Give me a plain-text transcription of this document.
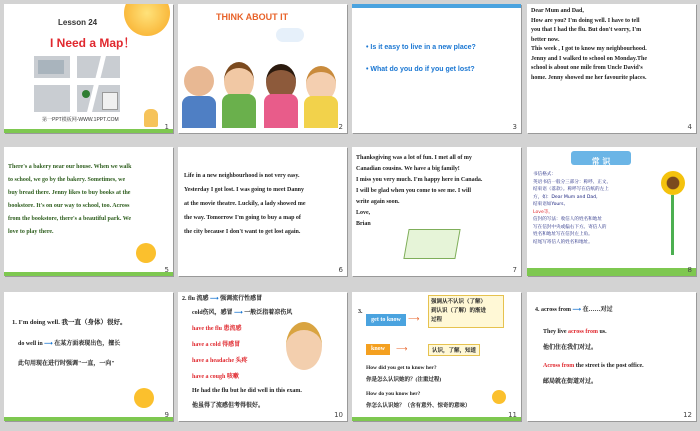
Lesson 24
I Need a Map！
第一PPT模板网-WWW.1PPT.COM
1
THINK ABOUT IT
2
• Is it easy to live in a new place?
• What do you do if you get lost?
3
Dear Mum and Dad,
How are you? I'm doing well. I have to tell
you that I had the flu. But don't worry, I'm
better now.
This week , I got to know my neighbourhood.
Jenny and I walked to school on Monday.The
school is about one mile from Uncle David's
home. Jenny showed me her favourite places.
4
There's a bakery near our house. When we walk
to school, we go by the bakery. Sometimes, we
buy bread there. Jenny likes to buy books at the
bookstore. It's on our way to school, too. Across
from the bookstore, there's a beautiful park. We
love to play there.
5
Life in a new neighbourhood is not very easy.
Yesterday I got lost. I was going to meet Danny
at the movie theatre. Luckily, a lady showed me
the way. Tomorrow I'm going to buy a map of
the city because I don't want to get lost again.
6
Thanksgiving was a lot of fun. I met all of my
Canadian cousins. We have a big family!
I miss you very much. I'm happy here in Canada.
I will be glad when you come to see me. I will
write again soon.
Love,
Brian
7
常 识
书信格式：
英语书信一般分三部分：称呼、正文、
结束语（落款）。称呼写在信纸的左上
方，如：Dear Mum and Dad,
结束语如Yours,
Love等。
信封的写法：收信人的姓名和地址
写在信封中央或偏右下方。寄信人的
姓名和地址写在信封左上角。
结尾写寄信人的姓名和地址。
8
1. I'm doing well. 我一直（身体）很好。
do well in ⟶ 在某方面表现出色，擅长
此句用现在进行时强调"一直，一向"
9
2. flu 流感 ⟶ 强调流行性感冒
cold伤风，感冒 ⟶ 一般泛指着凉伤风
have the flu 患流感
have a cold 得感冒
have a headache 头疼
have a cough 咳嗽
He had the flu but he did well in this exam.
他虽得了流感但考得很好。
10
3.
get to know ⟶
强调从不认识（了解）
到认识（了解）的渐进
过程
know	⟶	认识，了解，知道
How did you get to know her?
你是怎么认识她的？(注重过程)
How do you know her?
你怎么认识她？（含有意外、惊奇的意味）
11
4. across from ⟶ 在……对过
They live across from us.
他们住在我们对过。
Across from the street is the post office.
邮局就在街道对过。
12
